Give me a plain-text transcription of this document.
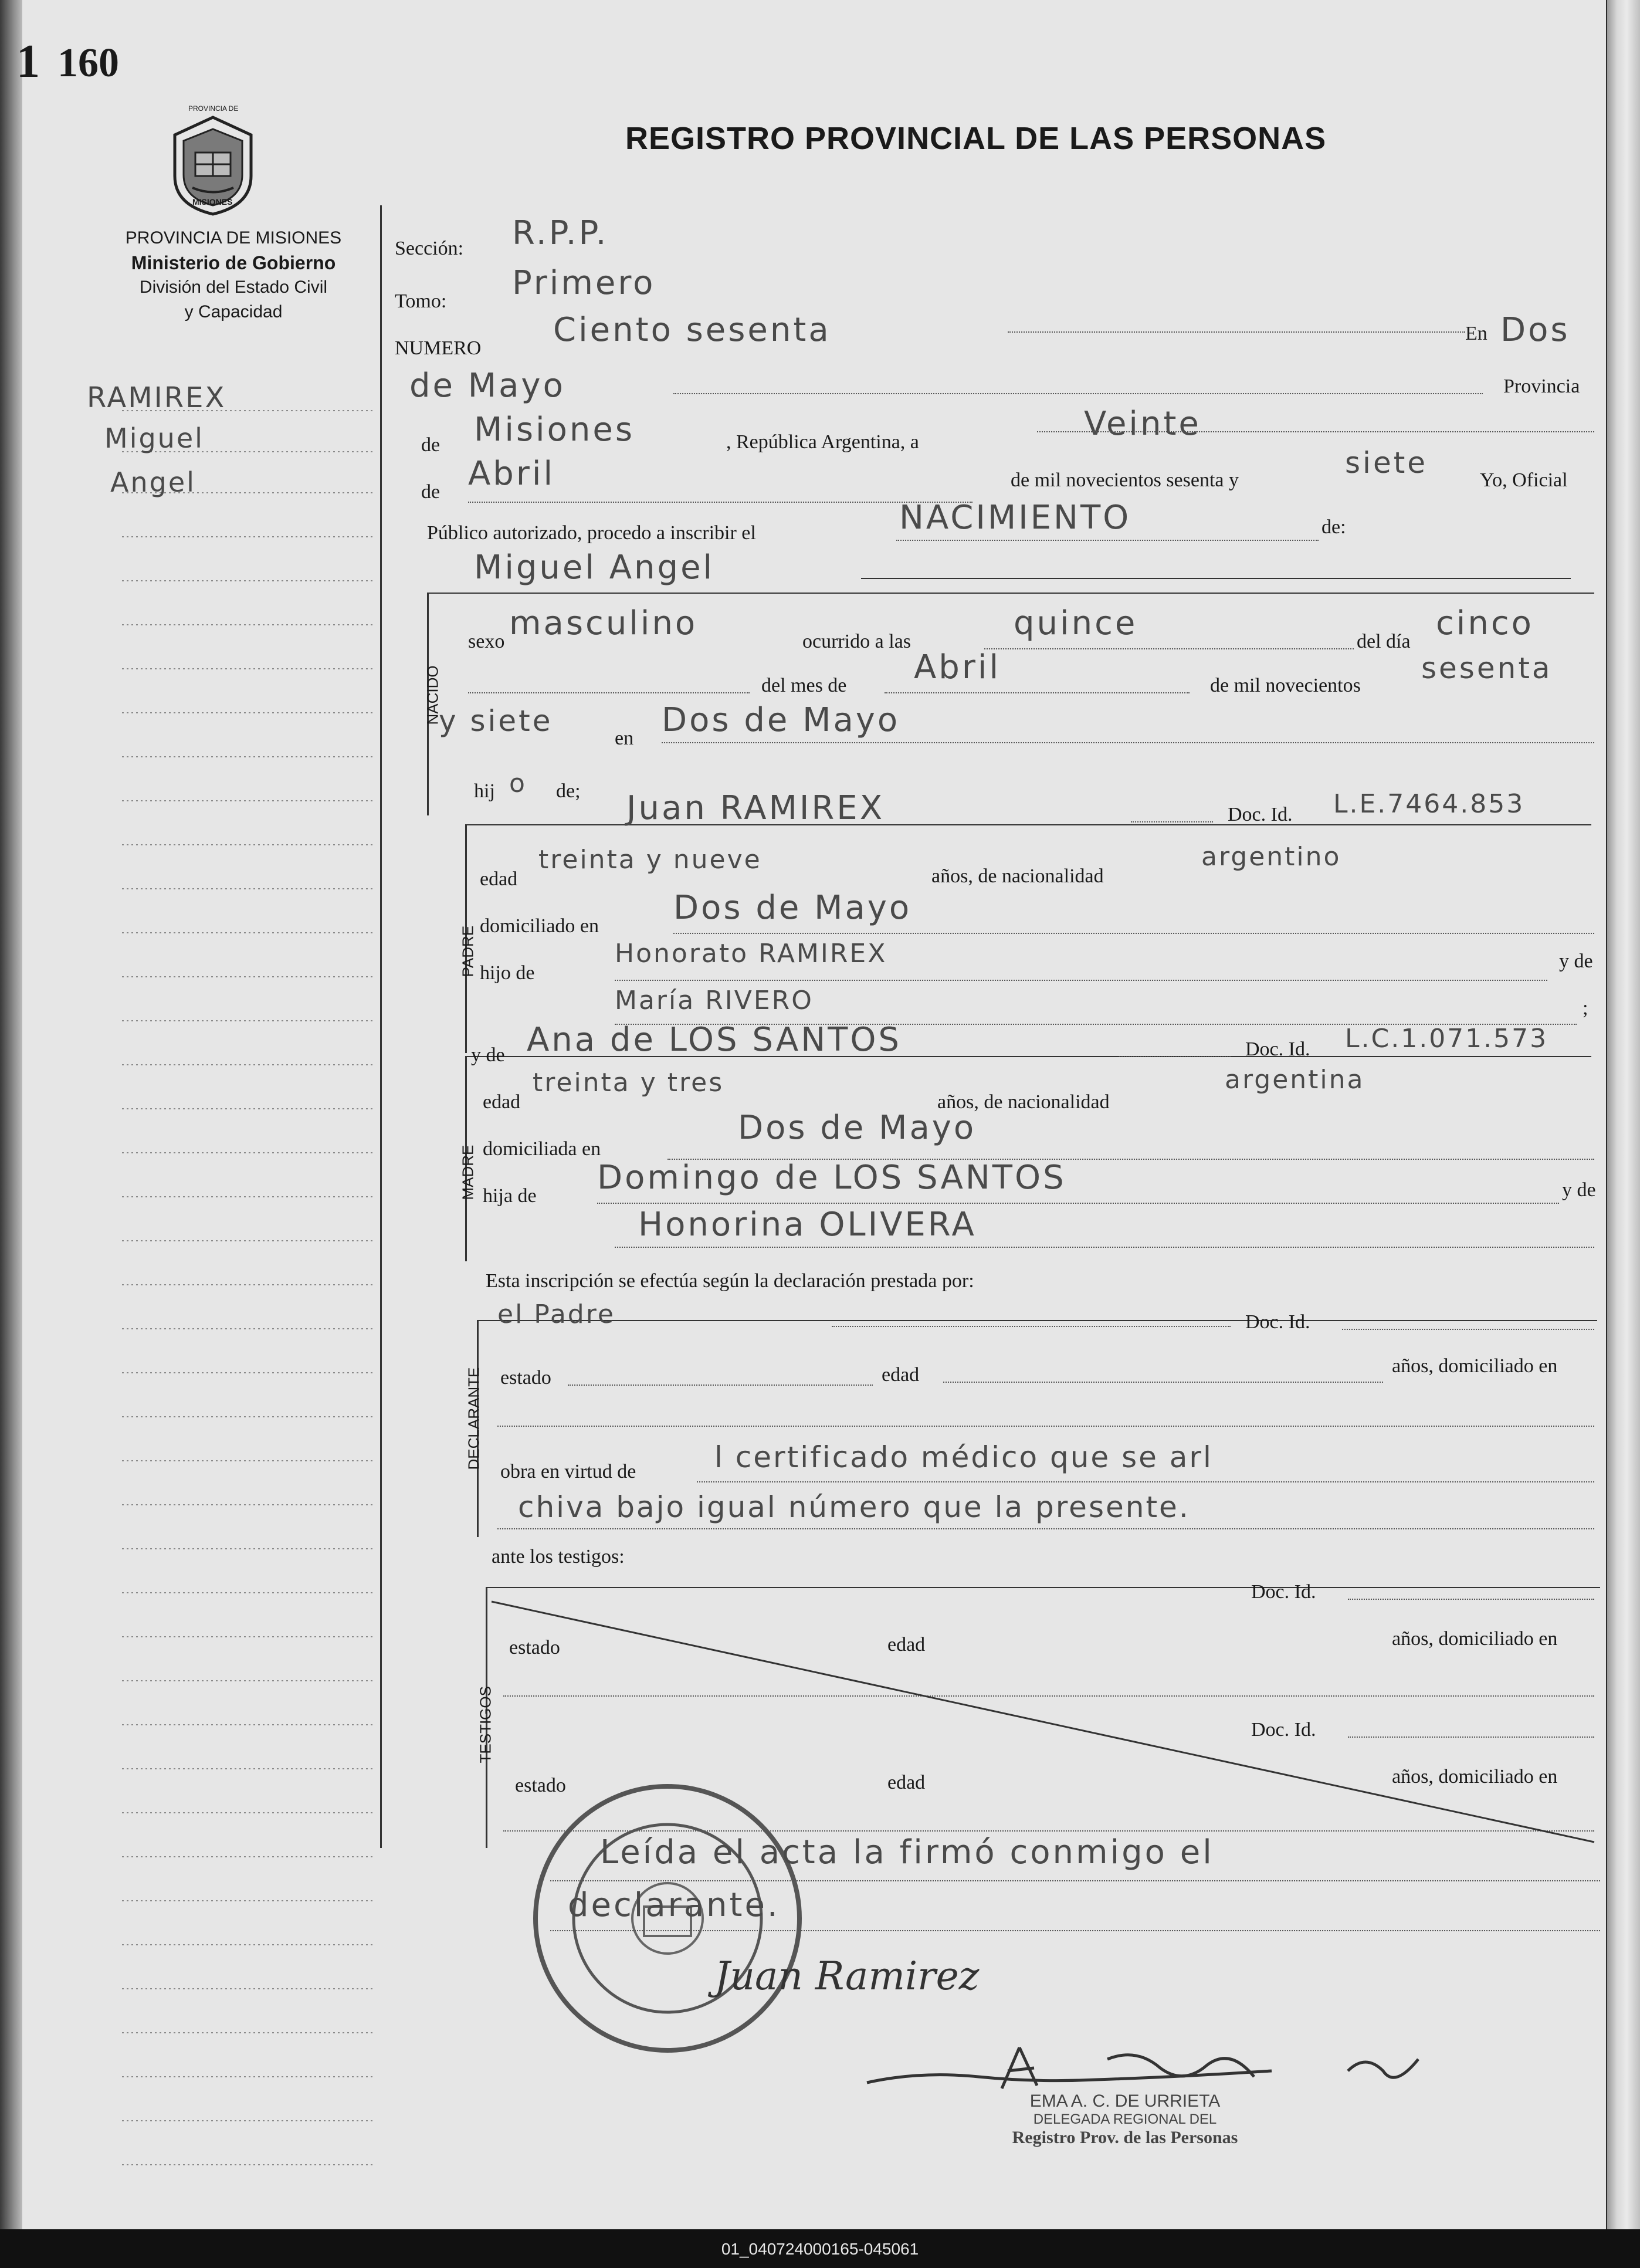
1 160
PROVINCIA DE
MISIONES
PROVINCIA DE MISIONES
Ministerio de Gobierno
División del Estado Civil
y Capacidad
REGISTRO PROVINCIAL DE LAS PERSONAS
RAMIREX
Miguel
Angel
Sección: R.P.P.
Tomo: Primero
NUMERO Ciento sesenta	En Dos
de Mayo	Provincia
de Misiones	, República Argentina, a	Veinte
de Abril	de mil novecientos sesenta y
siete
Yo, Oficial
Público autorizado, procedo a inscribir el	NACIMIENTO	de:
Miguel Angel
NACIDO
sexo masculino	ocurrido a las	quince	del día cinco
del mes de Abril	de mil novecientos
sesenta
y siete
en Dos de Mayo
hij o de;
PADRE
Juan RAMIREX	Doc. Id. L.E.7464.853
edad
treinta y nueve
años, de nacionalidad
argentino
domiciliado en Dos de Mayo
hijo de
Honorato RAMIREX	y de
María RIVERO	;
MADRE
y de Ana de LOS SANTOS	Doc. Id. L.C.1.071.573
edad
treinta y tres
años, de nacionalidad
argentina
domiciliada en
Dos de Mayo
hija de Domingo de LOS SANTOS	y de
Honorina OLIVERA
Esta inscripción se efectúa según la declaración prestada por:
DECLARANTE
el Padre	Doc. Id.
estado	edad	años, domiciliado en
obra en virtud de	l certificado médico que se arl
chiva bajo igual número que la presente.
ante los testigos:
TESTIGOS
Doc. Id.
estado	edad	años, domiciliado en
Doc. Id.
estado	edad	años, domiciliado en
Leída el acta la firmó conmigo el
declarante.
Juan Ramirez
EMA A. C. DE URRIETA
DELEGADA REGIONAL DEL
Registro Prov. de las Personas
01_040724000165-045061
